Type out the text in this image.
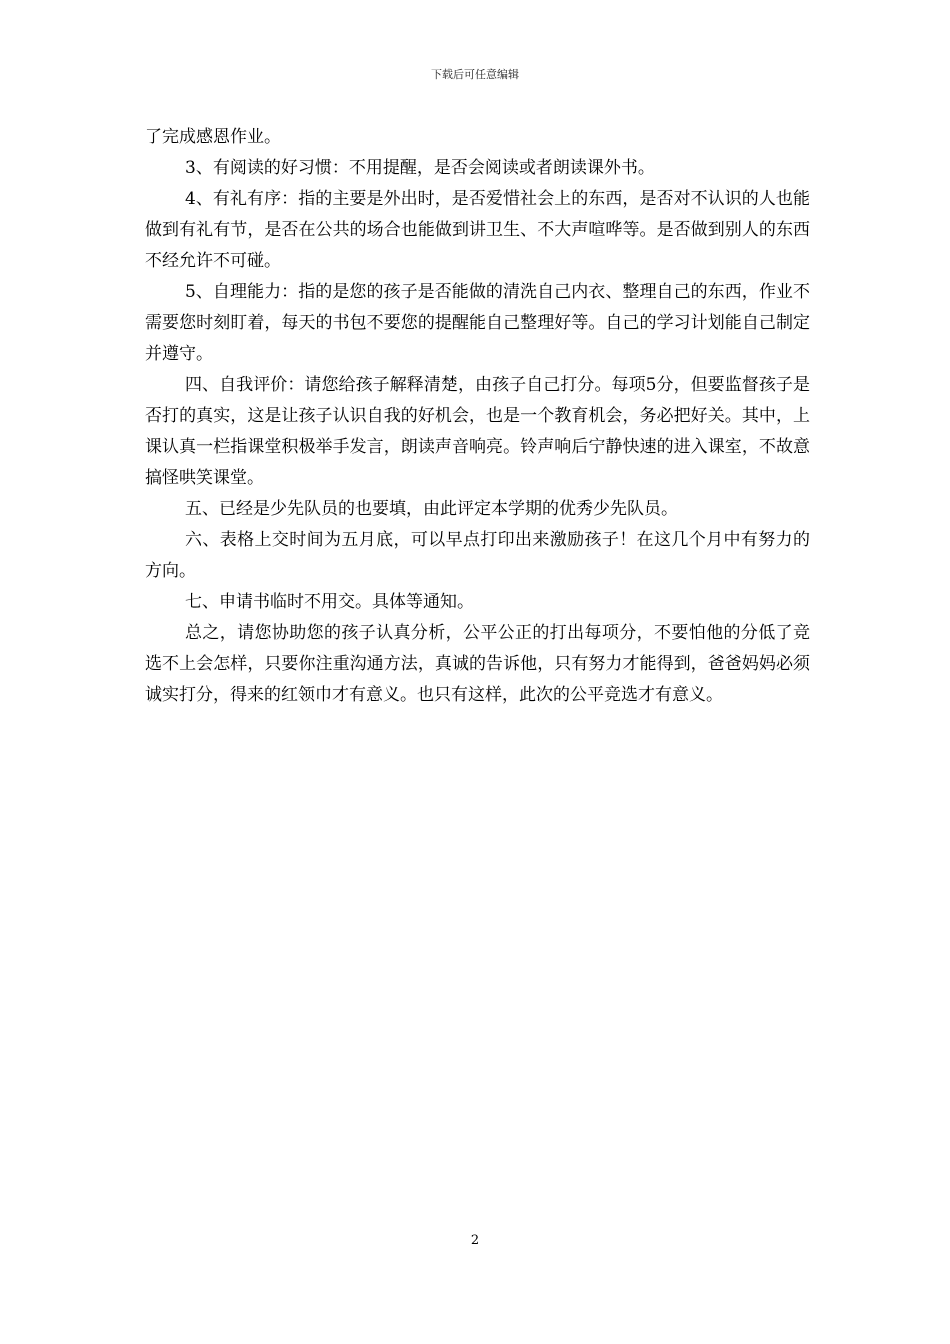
下载后可任意编辑

了完成感恩作业。

3、有阅读的好习惯：不用提醒，是否会阅读或者朗读课外书。

4、有礼有序：指的主要是外出时，是否爱惜社会上的东西，是否对不认识的人也能做到有礼有节，是否在公共的场合也能做到讲卫生、不大声喧哗等。是否做到别人的东西不经允许不可碰。

5、自理能力：指的是您的孩子是否能做的清洗自己内衣、整理自己的东西，作业不需要您时刻盯着，每天的书包不要您的提醒能自己整理好等。自己的学习计划能自己制定并遵守。

四、自我评价：请您给孩子解释清楚，由孩子自己打分。每项5分，但要监督孩子是否打的真实，这是让孩子认识自我的好机会，也是一个教育机会，务必把好关。其中，上课认真一栏指课堂积极举手发言，朗读声音响亮。铃声响后宁静快速的进入课室，不故意搞怪哄笑课堂。

五、已经是少先队员的也要填，由此评定本学期的优秀少先队员。

六、表格上交时间为五月底，可以早点打印出来激励孩子！在这几个月中有努力的方向。

七、申请书临时不用交。具体等通知。

总之，请您协助您的孩子认真分析，公平公正的打出每项分，不要怕他的分低了竞选不上会怎样，只要你注重沟通方法，真诚的告诉他，只有努力才能得到，爸爸妈妈必须诚实打分，得来的红领巾才有意义。也只有这样，此次的公平竞选才有意义。

2
